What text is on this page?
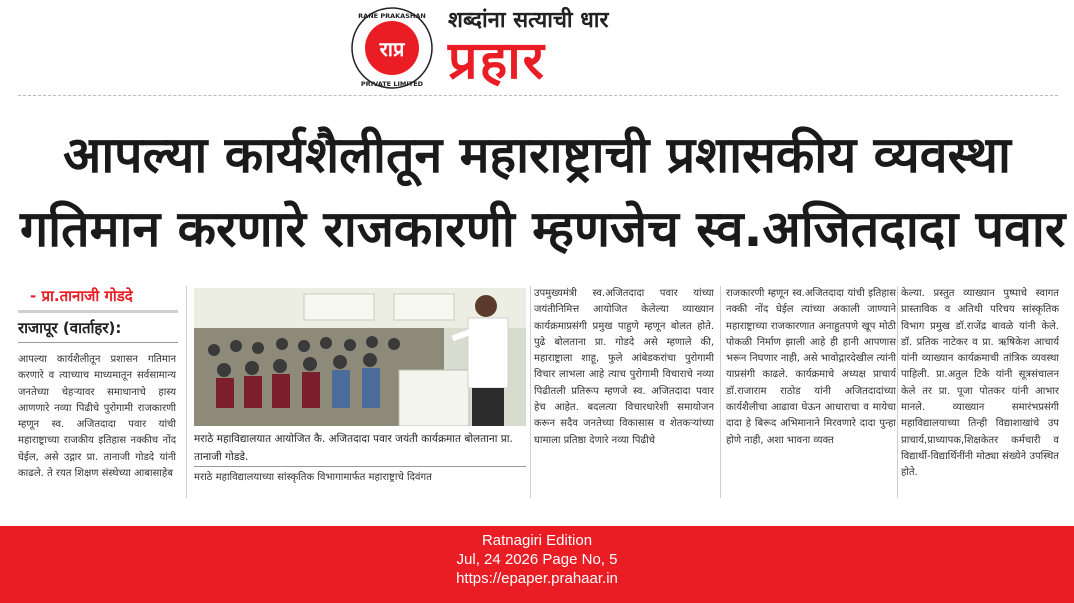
राप्र
RANE PRAKASHAN
PRIVATE LIMITED
शब्दांना सत्याची धार
प्रहार
आपल्या कार्यशैलीतून महाराष्ट्राची प्रशासकीय व्यवस्था
गतिमान करणारे राजकारणी म्हणजेच स्व.अजितदादा पवार
- प्रा.तानाजी गोडदे
राजापूर (वार्ताहर):
आपल्या कार्यशैलीतून प्रशासन गतिमान करणारे व त्याच्याच माध्यमातून सर्वसामान्य जनतेच्या चेहऱ्यावर समाधानाचे हास्य आणणारे नव्या पिढीचे पुरोगामी राजकारणी म्हणून स्व. अजितदादा पवार यांची महाराष्ट्राच्या राजकीय इतिहास नक्कीच नोंद घेईल, असे उद्गार प्रा. तानाजी गोडदे यांनी काढले. ते रयत शिक्षण संस्थेच्या आबासाहेब
मराठे महाविद्यालयात आयोजित कै. अजितदादा पवार जयंती कार्यक्रमात बोलताना प्रा. तानाजी गोडडे.
मराठे महाविद्यालयाच्या सांस्कृतिक विभागामार्फत महाराष्ट्राचे दिवंगत
उपमुख्यमंत्री स्व.अजितदादा पवार यांच्या जयंतीनिमित्त आयोजित केलेल्या व्याख्यान कार्यक्रमाप्रसंगी प्रमुख पाहुणे म्हणून बोलत होते. पुढे बोलताना प्रा. गोडदे असे म्हणाले की, महाराष्ट्राला शाहू, फुले आंबेडकरांचा पुरोगामी विचार लाभला आहे त्याच पुरोगामी विचाराचे नव्या पिढीतली प्रतिरूप म्हणजे स्व. अजितदादा पवार हेच आहेत. बदलत्या विचारधारेशी समायोजन करून सदैव जनतेच्या विकासास व शेतकऱ्यांच्या घामाला प्रतिष्ठा देणारे नव्या पिढीचे
राजकारणी म्हणून स्व.अजितदादा यांची इतिहास नक्की नोंद घेईल त्यांच्या अकाली जाण्याने महाराष्ट्राच्या राजकारणात अनाहुतपणे खूप मोठी पोकळी निर्माण झाली आहे ही हानी आपणास भरून निघणार नाही, असे भावोद्गारदेखील त्यांनी याप्रसंगी काढले. कार्यक्रमाचे अध्यक्ष प्राचार्य डॉ.राजाराम राठोड यांनी अजितदादांच्या कार्यशैलीचा आढावा घेऊन आधाराचा व मायेचा दादा हे बिरूद अभिमानाने मिरवणारे दादा पुन्हा होणे नाही, अशा भावना व्यक्त
केल्या. प्रस्तुत व्याख्यान पुष्पाचे स्वागत प्रास्ताविक व अतिथी परिचय सांस्कृतिक विभाग प्रमुख डॉ.राजेंद्र बावळे यांनी केले. डॉ. प्रतिक नाटेकर व प्रा. ऋषिकेश आचार्य यांनी व्याख्यान कार्यक्रमाची तांत्रिक व्यवस्था पाहिली. प्रा.अतुल टिके यांनी सूत्रसंचालन केले तर प्रा. पूजा पोतकर यांनी आभार मानले. व्याख्यान समारंभप्रसंगी महाविद्यालयाच्या तिन्ही विद्याशाखांचे उप प्राचार्य,प्राध्यापक,शिक्षकेतर कर्मचारी व विद्यार्थी-विद्यार्थिनींनी मोठ्या संख्येने उपस्थित होते.
Ratnagiri Edition
Jul, 24 2026 Page No, 5
https://epaper.prahaar.in
